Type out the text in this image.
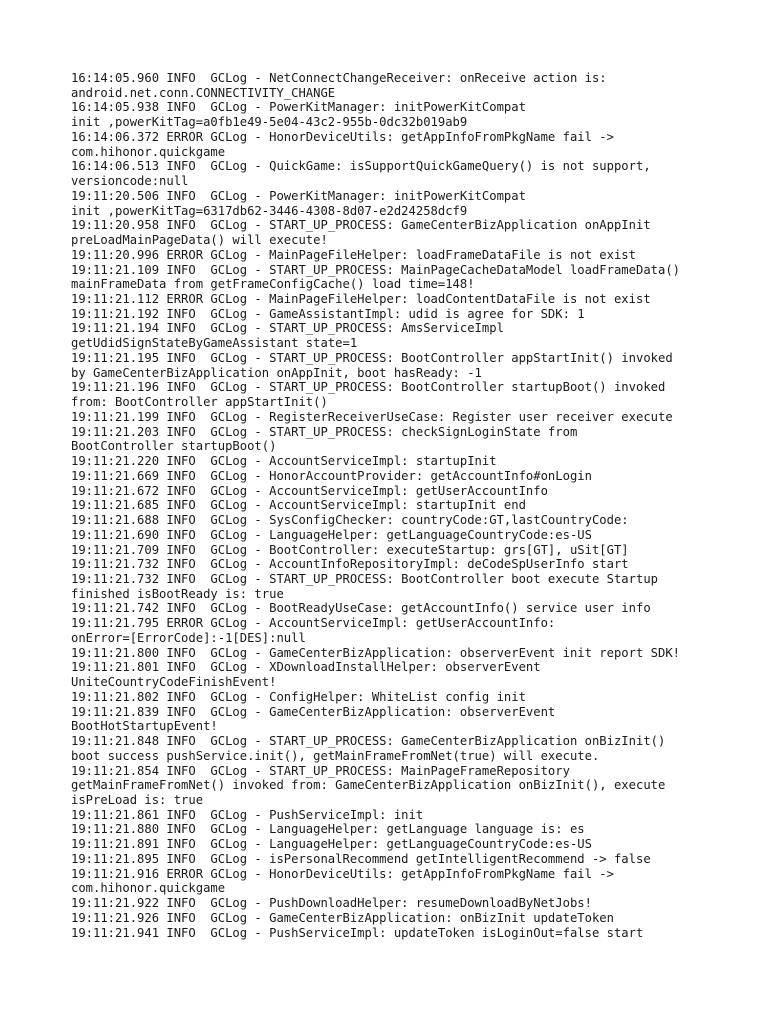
16:14:05.960 INFO  GCLog - NetConnectChangeReceiver: onReceive action is:
android.net.conn.CONNECTIVITY_CHANGE
16:14:05.938 INFO  GCLog - PowerKitManager: initPowerKitCompat
init ,powerKitTag=a0fb1e49-5e04-43c2-955b-0dc32b019ab9
16:14:06.372 ERROR GCLog - HonorDeviceUtils: getAppInfoFromPkgName fail ->
com.hihonor.quickgame
16:14:06.513 INFO  GCLog - QuickGame: isSupportQuickGameQuery() is not support,
versioncode:null
19:11:20.506 INFO  GCLog - PowerKitManager: initPowerKitCompat
init ,powerKitTag=6317db62-3446-4308-8d07-e2d24258dcf9
19:11:20.958 INFO  GCLog - START_UP_PROCESS: GameCenterBizApplication onAppInit
preLoadMainPageData() will execute!
19:11:20.996 ERROR GCLog - MainPageFileHelper: loadFrameDataFile is not exist
19:11:21.109 INFO  GCLog - START_UP_PROCESS: MainPageCacheDataModel loadFrameData()
mainFrameData from getFrameConfigCache() load time=148!
19:11:21.112 ERROR GCLog - MainPageFileHelper: loadContentDataFile is not exist
19:11:21.192 INFO  GCLog - GameAssistantImpl: udid is agree for SDK: 1
19:11:21.194 INFO  GCLog - START_UP_PROCESS: AmsServiceImpl
getUdidSignStateByGameAssistant state=1
19:11:21.195 INFO  GCLog - START_UP_PROCESS: BootController appStartInit() invoked
by GameCenterBizApplication onAppInit, boot hasReady: -1
19:11:21.196 INFO  GCLog - START_UP_PROCESS: BootController startupBoot() invoked
from: BootController appStartInit()
19:11:21.199 INFO  GCLog - RegisterReceiverUseCase: Register user receiver execute
19:11:21.203 INFO  GCLog - START_UP_PROCESS: checkSignLoginState from
BootController startupBoot()
19:11:21.220 INFO  GCLog - AccountServiceImpl: startupInit
19:11:21.669 INFO  GCLog - HonorAccountProvider: getAccountInfo#onLogin
19:11:21.672 INFO  GCLog - AccountServiceImpl: getUserAccountInfo
19:11:21.685 INFO  GCLog - AccountServiceImpl: startupInit end
19:11:21.688 INFO  GCLog - SysConfigChecker: countryCode:GT,lastCountryCode:
19:11:21.690 INFO  GCLog - LanguageHelper: getLanguageCountryCode:es-US
19:11:21.709 INFO  GCLog - BootController: executeStartup: grs[GT], uSit[GT]
19:11:21.732 INFO  GCLog - AccountInfoRepositoryImpl: deCodeSpUserInfo start
19:11:21.732 INFO  GCLog - START_UP_PROCESS: BootController boot execute Startup
finished isBootReady is: true
19:11:21.742 INFO  GCLog - BootReadyUseCase: getAccountInfo() service user info
19:11:21.795 ERROR GCLog - AccountServiceImpl: getUserAccountInfo:
onError=[ErrorCode]:-1[DES]:null
19:11:21.800 INFO  GCLog - GameCenterBizApplication: observerEvent init report SDK!
19:11:21.801 INFO  GCLog - XDownloadInstallHelper: observerEvent
UniteCountryCodeFinishEvent!
19:11:21.802 INFO  GCLog - ConfigHelper: WhiteList config init
19:11:21.839 INFO  GCLog - GameCenterBizApplication: observerEvent
BootHotStartupEvent!
19:11:21.848 INFO  GCLog - START_UP_PROCESS: GameCenterBizApplication onBizInit()
boot success pushService.init(), getMainFrameFromNet(true) will execute.
19:11:21.854 INFO  GCLog - START_UP_PROCESS: MainPageFrameRepository
getMainFrameFromNet() invoked from: GameCenterBizApplication onBizInit(), execute
isPreLoad is: true
19:11:21.861 INFO  GCLog - PushServiceImpl: init
19:11:21.880 INFO  GCLog - LanguageHelper: getLanguage language is: es
19:11:21.891 INFO  GCLog - LanguageHelper: getLanguageCountryCode:es-US
19:11:21.895 INFO  GCLog - isPersonalRecommend getIntelligentRecommend -> false
19:11:21.916 ERROR GCLog - HonorDeviceUtils: getAppInfoFromPkgName fail ->
com.hihonor.quickgame
19:11:21.922 INFO  GCLog - PushDownloadHelper: resumeDownloadByNetJobs!
19:11:21.926 INFO  GCLog - GameCenterBizApplication: onBizInit updateToken
19:11:21.941 INFO  GCLog - PushServiceImpl: updateToken isLoginOut=false start
